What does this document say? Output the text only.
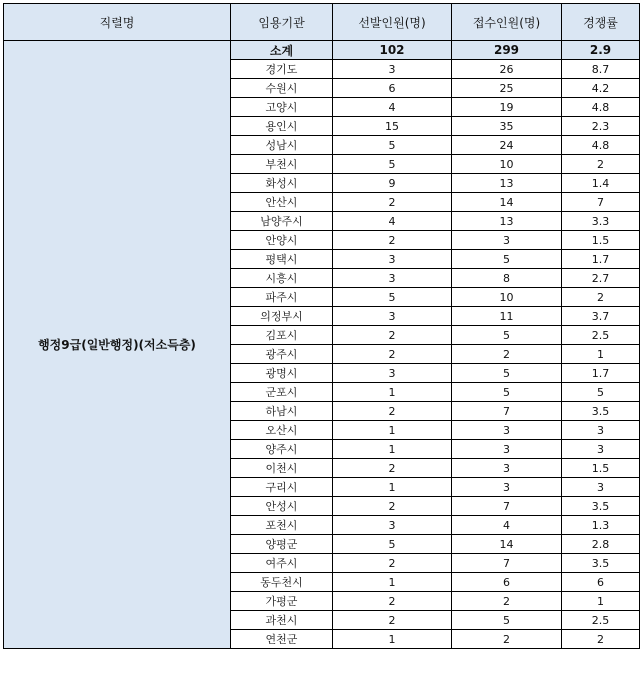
직렬명	임용기관	선발인원(명)	접수인원(명)	경쟁률
행정9급(일반행정)(저소득층)	소계	102	299	2.9
	경기도	3	26	8.7
	수원시	6	25	4.2
	고양시	4	19	4.8
	용인시	15	35	2.3
	성남시	5	24	4.8
	부천시	5	10	2
	화성시	9	13	1.4
	안산시	2	14	7
	남양주시	4	13	3.3
	안양시	2	3	1.5
	평택시	3	5	1.7
	시흥시	3	8	2.7
	파주시	5	10	2
	의정부시	3	11	3.7
	김포시	2	5	2.5
	광주시	2	2	1
	광명시	3	5	1.7
	군포시	1	5	5
	하남시	2	7	3.5
	오산시	1	3	3
	양주시	1	3	3
	이천시	2	3	1.5
	구리시	1	3	3
	안성시	2	7	3.5
	포천시	3	4	1.3
	양평군	5	14	2.8
	여주시	2	7	3.5
	동두천시	1	6	6
	가평군	2	2	1
	과천시	2	5	2.5
	연천군	1	2	2
